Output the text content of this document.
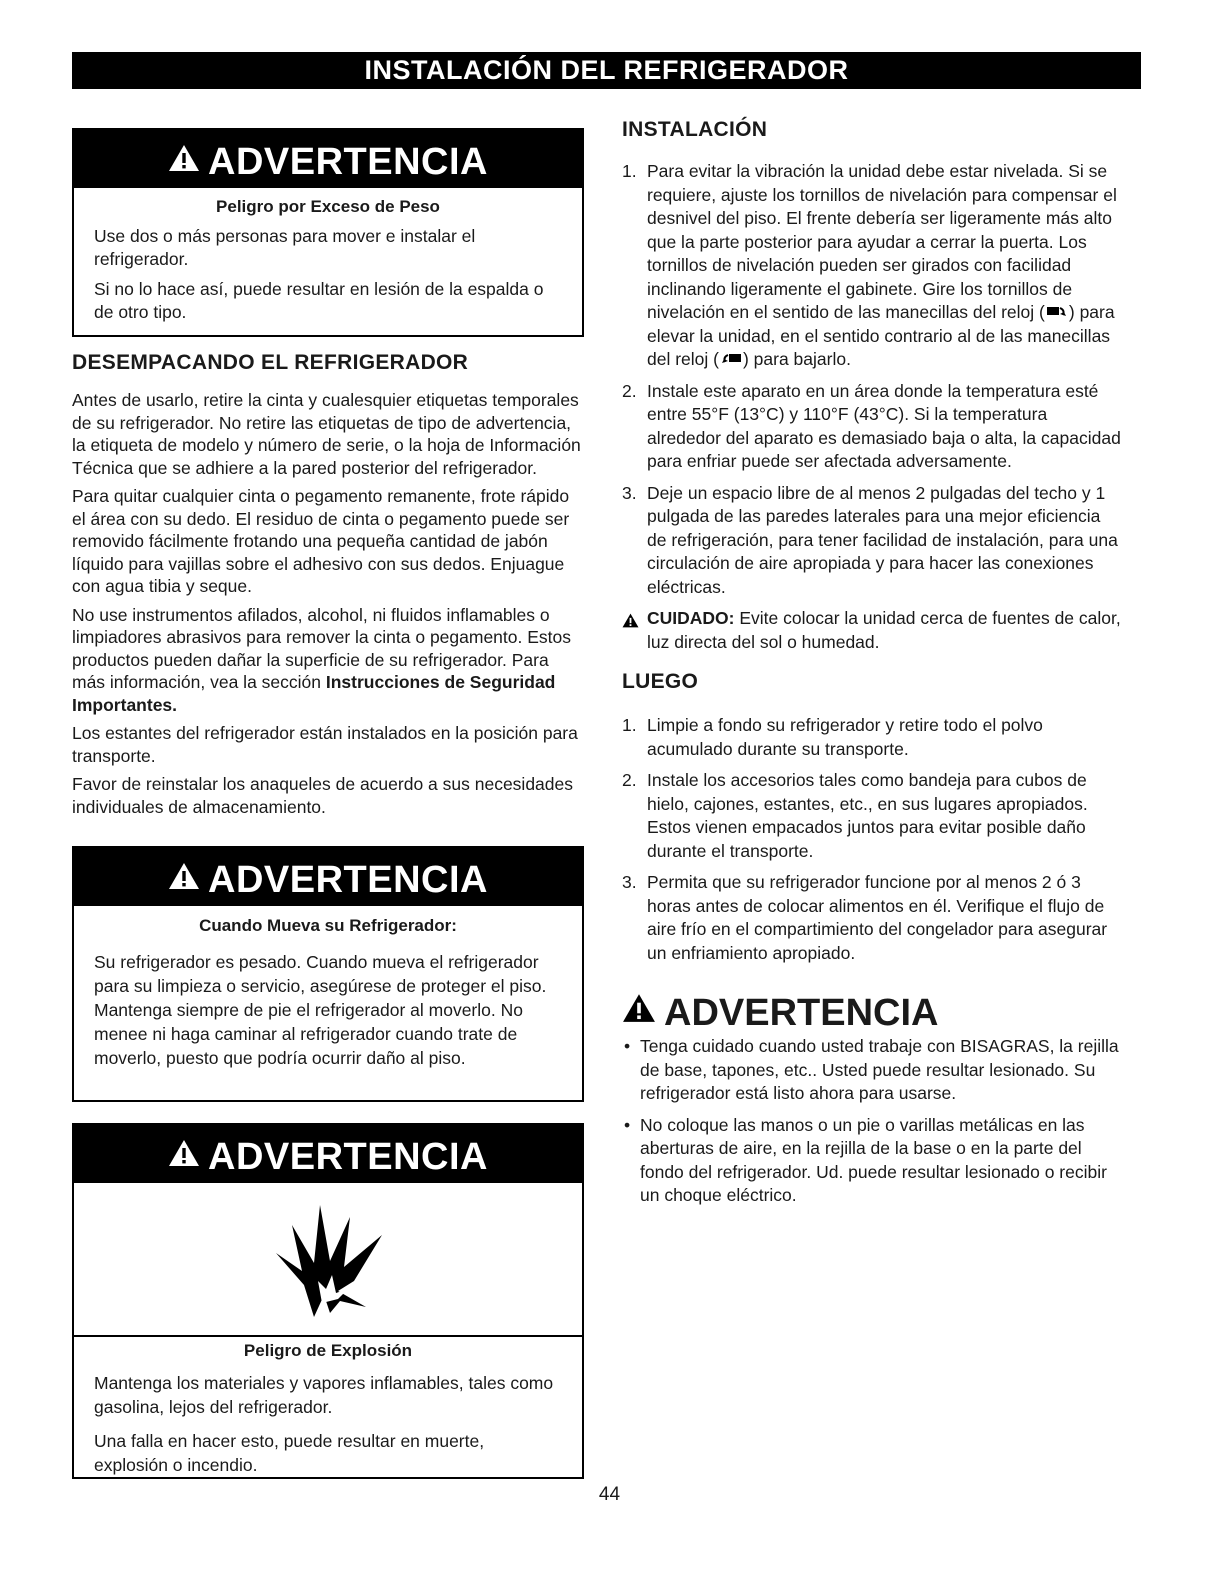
INSTALACIÓN DEL REFRIGERADOR
ADVERTENCIA
Peligro por Exceso de Peso

Use dos o más personas para mover e instalar el refrigerador.

Si no lo hace así, puede resultar en lesión de la espalda o de otro tipo.

DESEMPACANDO EL REFRIGERADOR

Antes de usarlo, retire la cinta y cualesquier etiquetas temporales de su refrigerador. No retire las etiquetas de tipo de advertencia, la etiqueta de modelo y número de serie, o la hoja de Información Técnica que se adhiere a la pared posterior del refrigerador.

Para quitar cualquier cinta o pegamento remanente, frote rápido el área con su dedo. El residuo de cinta o pegamento puede ser removido fácilmente frotando una pequeña cantidad de jabón líquido para vajillas sobre el adhesivo con sus dedos. Enjuague con agua tibia y seque.

No use instrumentos afilados, alcohol, ni fluidos inflamables o limpiadores abrasivos para remover la cinta o pegamento. Estos productos pueden dañar la superficie de su refrigerador. Para más información, vea la sección Instrucciones de Seguridad Importantes.

Los estantes del refrigerador están instalados en la posición para transporte.

Favor de reinstalar los anaqueles de acuerdo a sus necesidades individuales de almacenamiento.

ADVERTENCIA
Cuando Mueva su Refrigerador:

Su refrigerador es pesado. Cuando mueva el refrigerador para su limpieza o servicio, asegúrese de proteger el piso. Mantenga siempre de pie el refrigerador al moverlo. No menee ni haga caminar al refrigerador cuando trate de moverlo, puesto que podría ocurrir daño al piso.

ADVERTENCIA
Peligro de Explosión

Mantenga los materiales y vapores inflamables, tales como gasolina, lejos del refrigerador.

Una falla en hacer esto, puede resultar en muerte, explosión o incendio.

INSTALACIÓN
1. Para evitar la vibración la unidad debe estar nivelada. Si se requiere, ajuste los tornillos de nivelación para compensar el desnivel del piso. El frente debería ser ligeramente más alto que la parte posterior para ayudar a cerrar la puerta. Los tornillos de nivelación pueden ser girados con facilidad inclinando ligeramente el gabinete. Gire los tornillos de nivelación en el sentido de las manecillas del reloj ( ) para elevar la unidad, en el sentido contrario al de las manecillas del reloj ( ) para bajarlo.
2. Instale este aparato en un área donde la temperatura esté entre 55°F (13°C) y 110°F (43°C). Si la temperatura alrededor del aparato es demasiado baja o alta, la capacidad para enfriar puede ser afectada adversamente.
3. Deje un espacio libre de al menos 2 pulgadas del techo y 1 pulgada de las paredes laterales para una mejor eficiencia de refrigeración, para tener facilidad de instalación, para una circulación de aire apropiada y para hacer las conexiones eléctricas.
CUIDADO: Evite colocar la unidad cerca de fuentes de calor, luz directa del sol o humedad.
LUEGO
1. Limpie a fondo su refrigerador y retire todo el polvo acumulado durante su transporte.
2. Instale los accesorios tales como bandeja para cubos de hielo, cajones, estantes, etc., en sus lugares apropiados. Estos vienen empacados juntos para evitar posible daño durante el transporte.
3. Permita que su refrigerador funcione por al menos 2 ó 3 horas antes de colocar alimentos en él. Verifique el flujo de aire frío en el compartimiento del congelador para asegurar un enfriamiento apropiado.
ADVERTENCIA
• Tenga cuidado cuando usted trabaje con BISAGRAS, la rejilla de base, tapones, etc.. Usted puede resultar lesionado. Su refrigerador está listo ahora para usarse.
• No coloque las manos o un pie o varillas metálicas en las aberturas de aire, en la rejilla de la base o en la parte del fondo del refrigerador. Ud. puede resultar lesionado o recibir un choque eléctrico.
44
